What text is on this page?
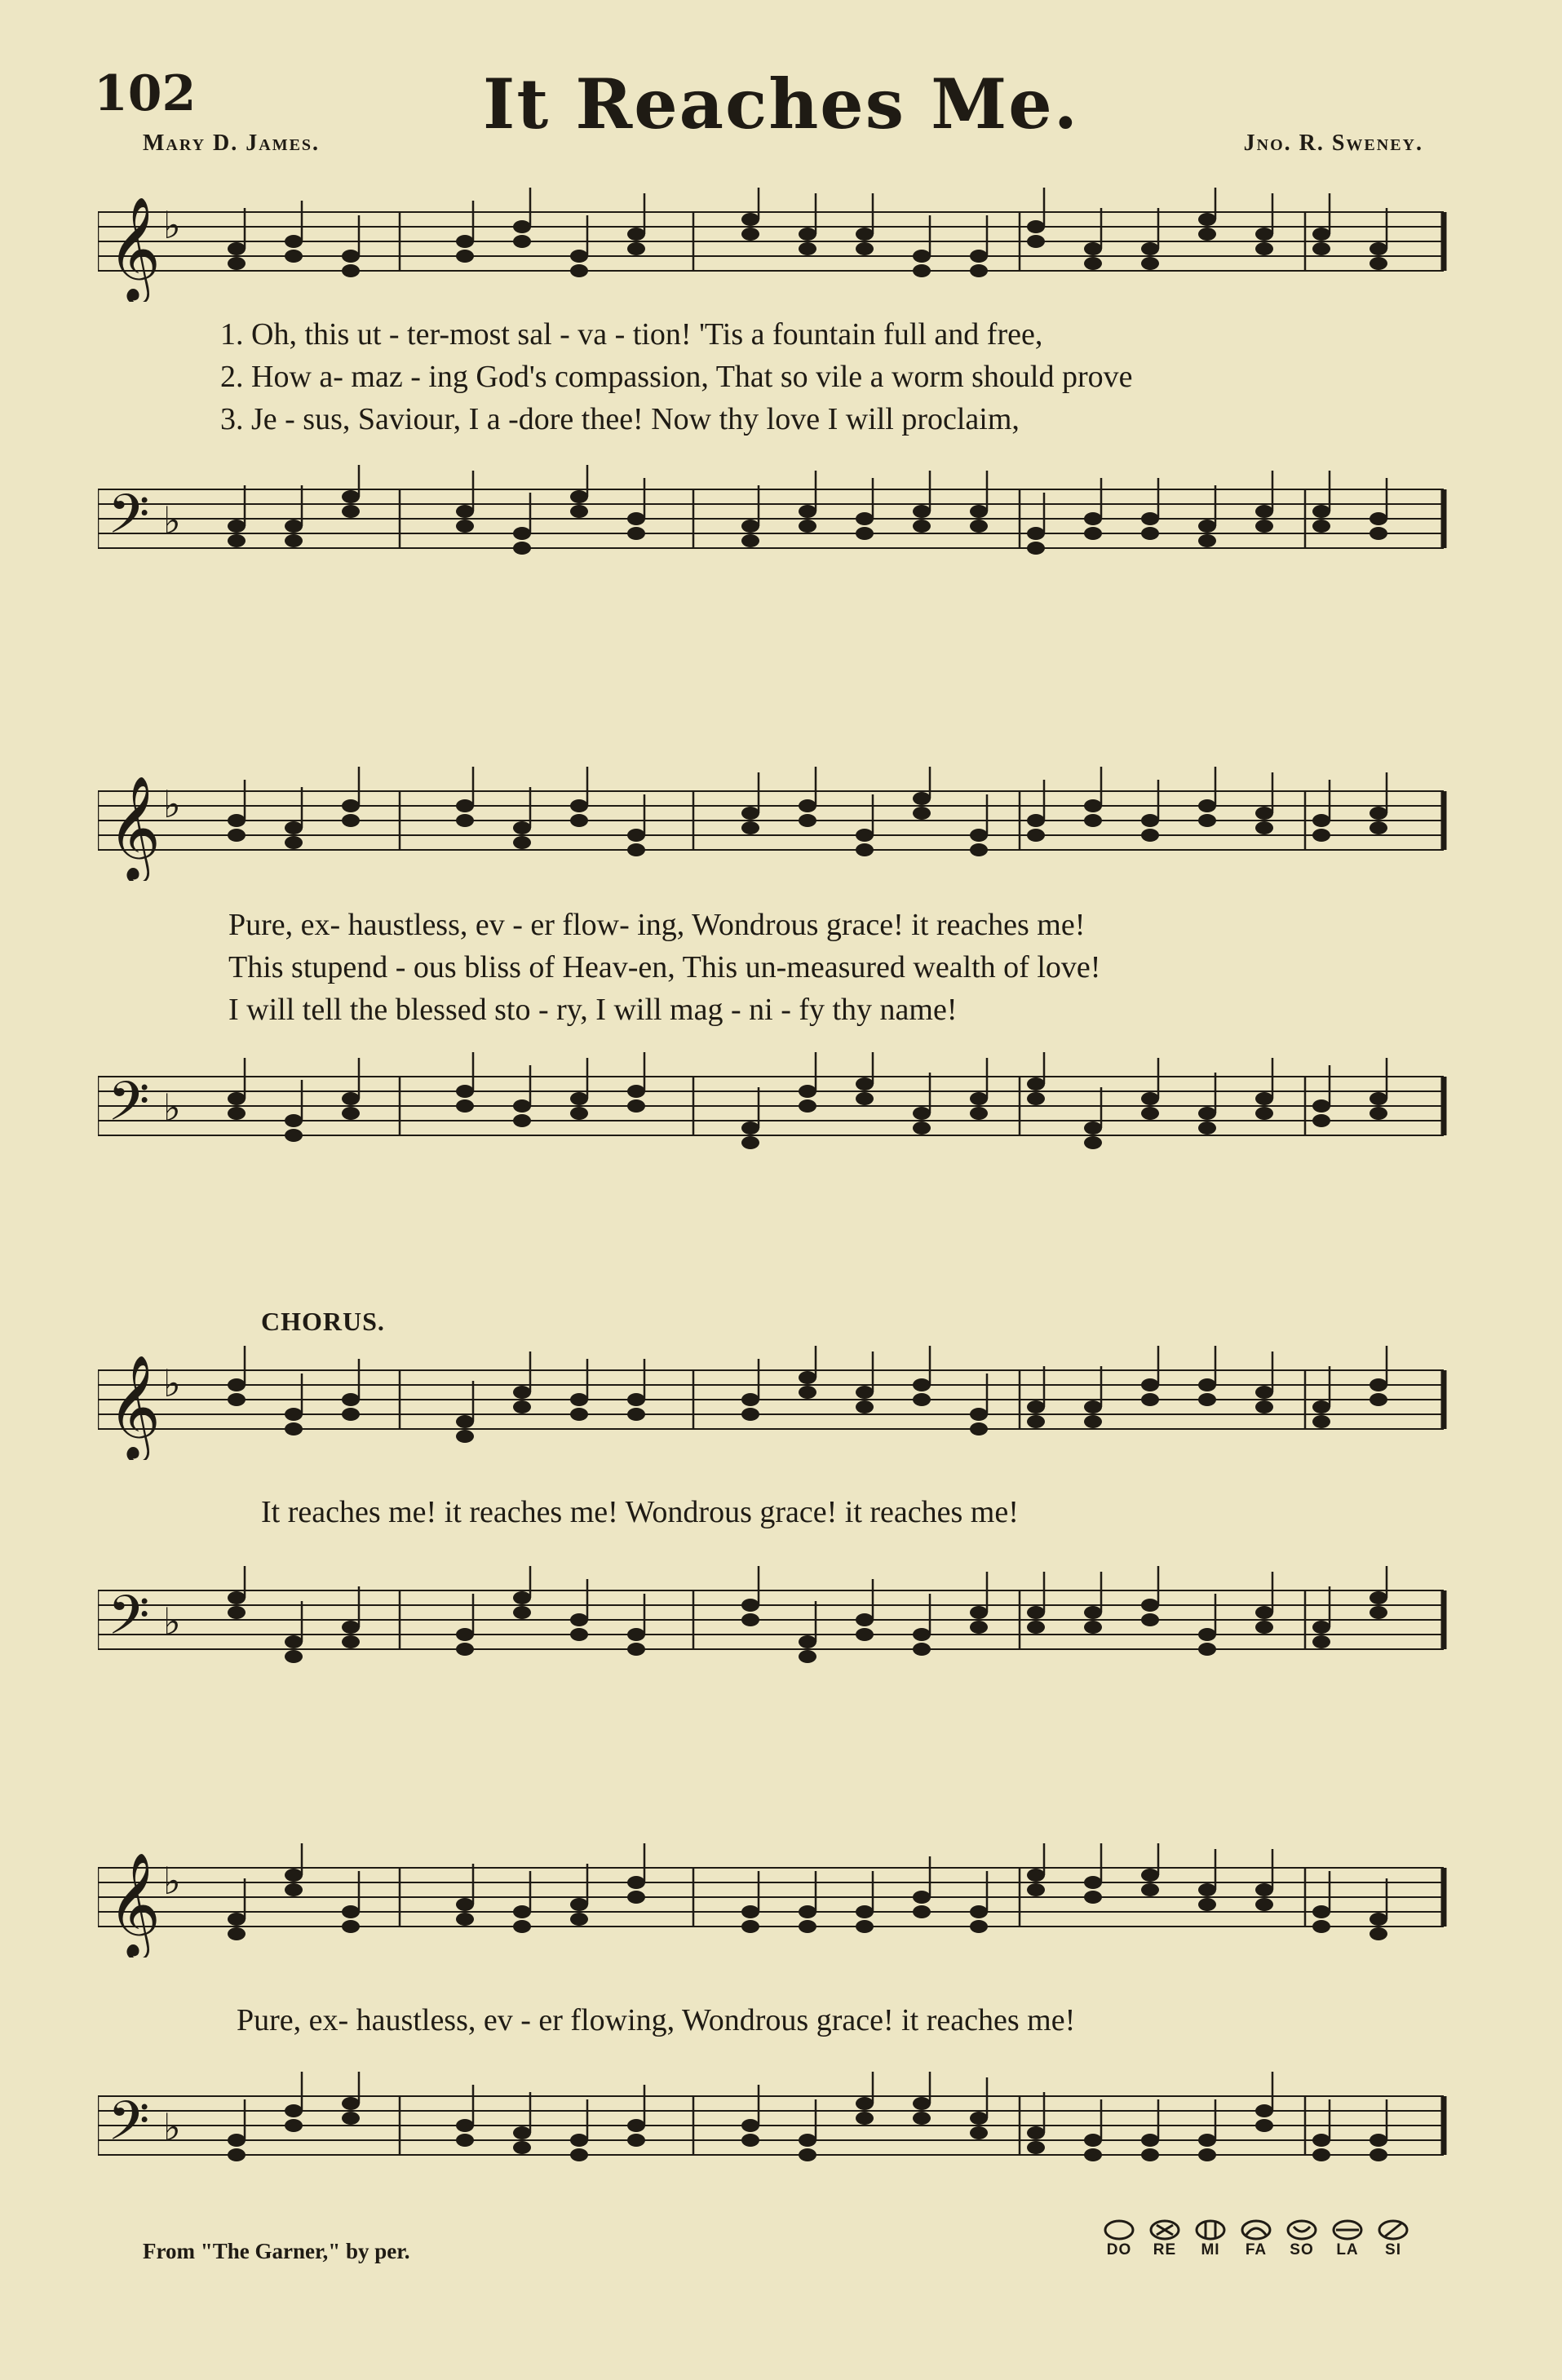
102	It Reaches Me.
Mary D. James.	Jno. R. Sweney.
𝄞 ♭
1. Oh, this ut - ter-most sal - va - tion! 'Tis a fountain full and free,
2. How a- maz - ing God's compassion, That so vile a worm should prove
3. Je - sus, Saviour, I a -dore thee! Now thy love I will proclaim,
𝄢 ♭
𝄞 ♭
Pure, ex- haustless, ev - er flow- ing, Wondrous grace! it reaches me!
This stupend - ous bliss of Heav-en, This un-measured wealth of love!
I will tell the blessed sto - ry, I will mag - ni - fy thy name!
𝄢 ♭
CHORUS.
𝄞 ♭
It reaches me! it reaches me! Wondrous grace! it reaches me!
𝄢 ♭
𝄞 ♭
Pure, ex- haustless, ev - er flowing, Wondrous grace! it reaches me!
𝄢 ♭
From "The Garner," by per.	DO RE MI FA SO LA SI
